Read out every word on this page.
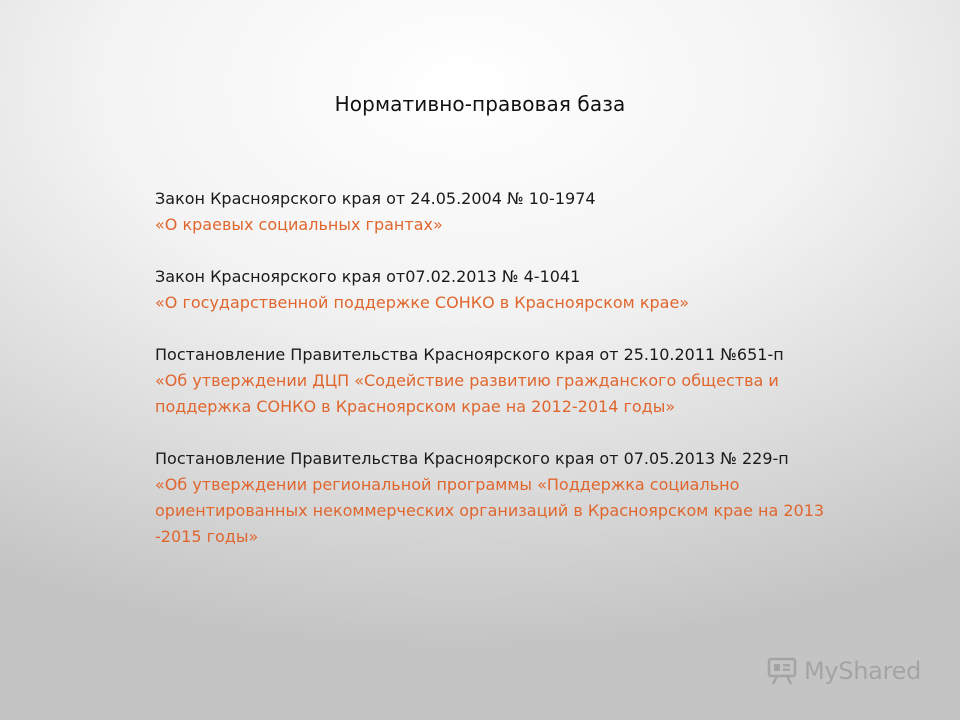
Нормативно-правовая база
Закон Красноярского края от 24.05.2004 № 10-1974
«О краевых социальных грантах»
Закон Красноярского края от07.02.2013 № 4-1041
«О государственной поддержке СОНКО в Красноярском крае»
Постановление Правительства Красноярского края от 25.10.2011 №651-п
«Об утверждении ДЦП «Содействие развитию гражданского общества и поддержка СОНКО в Красноярском крае на 2012-2014 годы»
Постановление Правительства Красноярского края от 07.05.2013 № 229-п
«Об утверждении региональной программы «Поддержка социально ориентированных некоммерческих организаций в Красноярском крае на 2013 -2015 годы»
MyShared
